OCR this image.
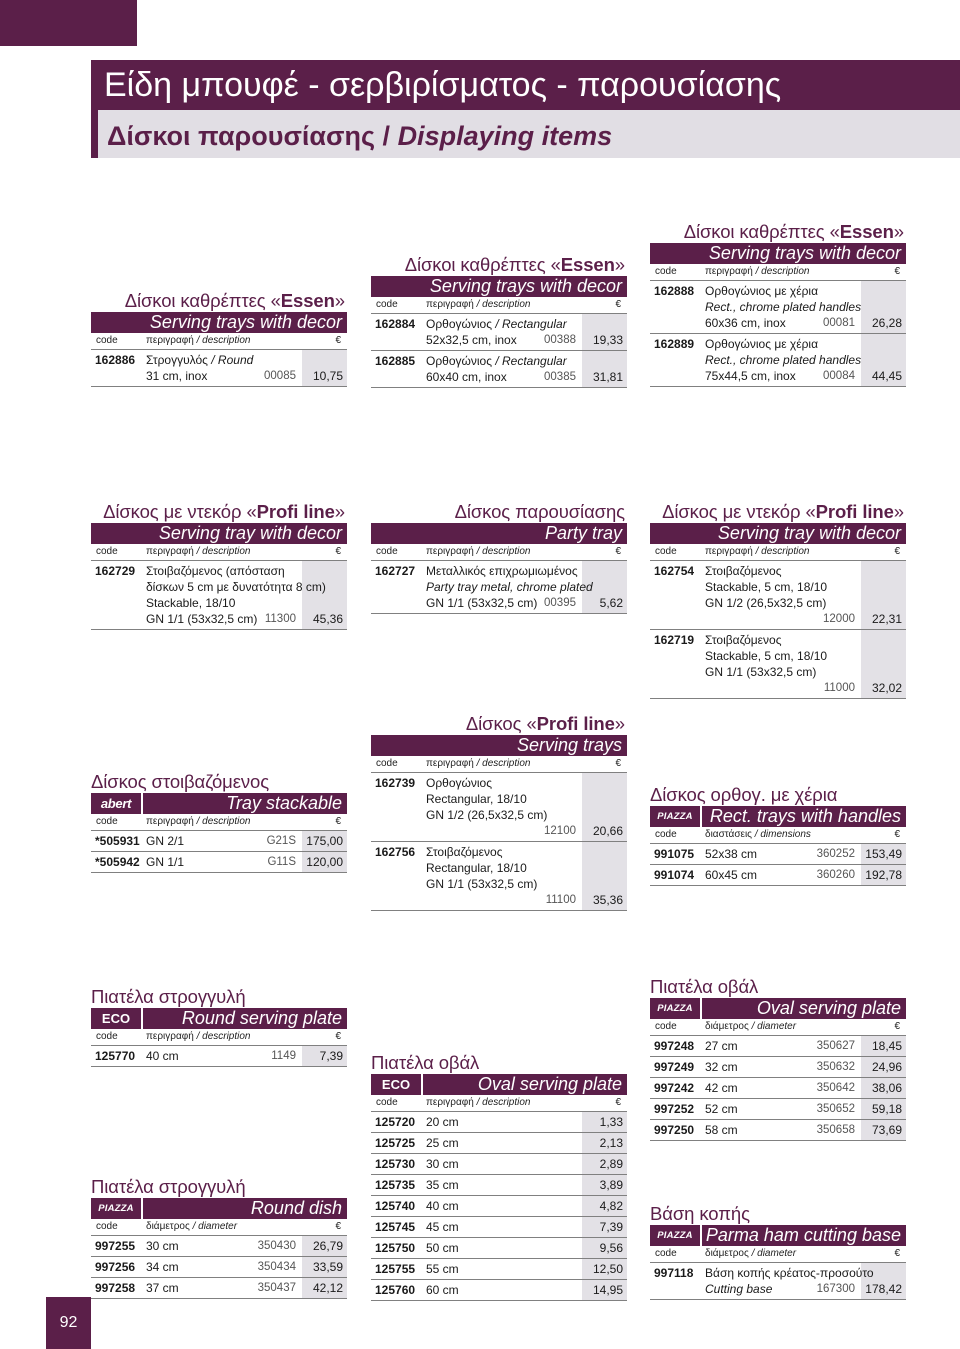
Είδη μπουφέ - σερβιρίσματος - παρουσίασης
Δίσκοι παρουσίασης / Displaying items
Δίσκοι καθρέπτες «Essen»
Serving trays with decor
code	περιγραφή / description	€
162886 Στρογγυλός / Round
31 cm, inox	00085 10,75
Δίσκοι καθρέπτες «Essen»
Serving trays with decor
code	περιγραφή / description	€
162884 Ορθογώνιος / Rectangular
52x32,5 cm, inox	00388 19,33
162885 Ορθογώνιος / Rectangular
60x40 cm, inox	00385 31,81
Δίσκοι καθρέπτες «Essen»
Serving trays with decor
code	περιγραφή / description	€
162888 Ορθογώνιος με χέρια
Rect., chrome plated handles
60x36 cm, inox	00081 26,28
162889 Ορθογώνιος με χέρια
Rect., chrome plated handles
75x44,5 cm, inox	00084 44,45
Δίσκος με ντεκόρ «Profi line»
Serving tray with decor
code	περιγραφή / description	€
162729 Στοιβαζόμενος (απόσταση
δίσκων 5 cm με δυνατότητα 8 cm)
Stackable, 18/10
GN 1/1 (53x32,5 cm) 11300 45,36
Δίσκος παρουσίασης
Party tray
code	περιγραφή / description	€
162727 Μεταλλικός επιχρωμιωμένος
Party tray metal, chrome plated
GN 1/1 (53x32,5 cm) 00395 5,62
Δίσκος με ντεκόρ «Profi line»
Serving tray with decor
code	περιγραφή / description	€
162754 Στοιβαζόμενος
Stackable, 5 cm, 18/10
GN 1/2 (26,5x32,5 cm)
12000 22,31
162719 Στοιβαζόμενος
Stackable, 5 cm, 18/10
GN 1/1 (53x32,5 cm)
11000 32,02
Δίσκος στοιβαζόμενος
abert	Tray stackable
code	περιγραφή / description	€
*505931 GN 2/1	G21S 175,00
*505942 GN 1/1	G11S 120,00
Δίσκος «Profi line»
Serving trays
code	περιγραφή / description	€
162739 Ορθογώνιος
Rectangular, 18/10
GN 1/2 (26,5x32,5 cm)
12100 20,66
162756 Στοιβαζόμενος
Rectangular, 18/10
GN 1/1 (53x32,5 cm)
11100 35,36
Δίσκος ορθογ. με χέρια
PIAZZA Rect. trays with handles
code	διαστάσεις / dimensions	€
991075 52x38 cm	360252 153,49
991074 60x45 cm	360260 192,78
Πιατέλα στρογγυλή
ECO	Round serving plate
code	περιγραφή / description	€
125770 40 cm	1149 7,39
Πιατέλα στρογγυλή
PIAZZA	Round dish
code	διάμετρος / diameter	€
997255 30 cm	350430 26,79
997256 34 cm	350434 33,59
997258 37 cm	350437 42,12
Πιατέλα οβάλ
ECO	Oval serving plate
code	περιγραφή / description	€
125720 20 cm	1,33
125725 25 cm	2,13
125730 30 cm	2,89
125735 35 cm	3,89
125740 40 cm	4,82
125745 45 cm	7,39
125750 50 cm	9,56
125755 55 cm	12,50
125760 60 cm	14,95
Πιατέλα οβάλ
PIAZZA	Oval serving plate
code	διάμετρος / diameter	€
997248 27 cm	350627 18,45
997249 32 cm	350632 24,96
997242 42 cm	350642 38,06
997252 52 cm	350652 59,18
997250 58 cm	350658 73,69
Βάση κοπής
PIAZZA Parma ham cutting base
code	διάμετρος / diameter	€
997118 Βάση κοπής κρέατος-προσούτο
Cutting base	167300 178,42
92
